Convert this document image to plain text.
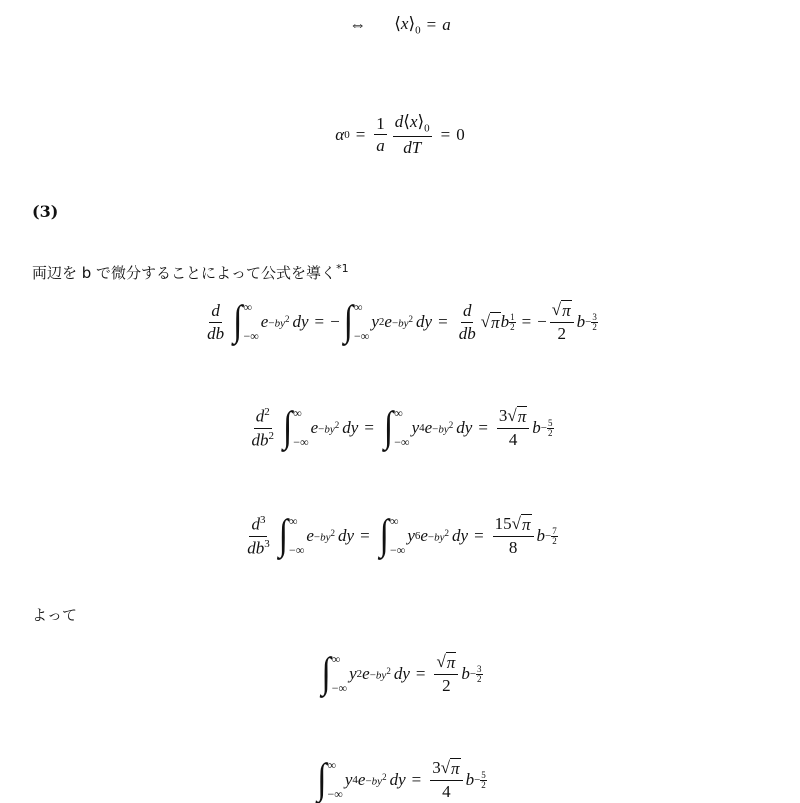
⇔ $⟨x⟩_0 = a$
α $0 = \frac{1}{a} \frac{d⟨x⟩_0}{dT} = 0$
(3)
両辺を b で微分することによって公式を導く$^{*1}$
$\frac{d}{db}$ ∫ ∞
−∞
$e -by^2$ dy = − ∫ ∞
−∞
y 2 $e -by^2$ dy = $\frac{d}{db}$ √ π b $\frac{1}{2}$ = − $\frac{√ \pi}{2}$ $b - \frac{3}{2}$
$\frac{d^2}{db^2}$ ∫ ∞
−∞
$e -by^2$ dy = ∫ ∞
−∞
y 4 $e -by^2$ dy = $\frac{3 √ \pi}{4}$ $b - \frac{5}{2}$
$\frac{d^3}{db^3}$ ∫ ∞
−∞
$e -by^2$ dy = ∫ ∞
−∞
y 6 $e -by^2$ dy = $\frac{15 √ \pi}{8}$ $b - \frac{7}{2}$
よって
∫ ∞
−∞
y 2 $e -by^2$ dy = $\frac{√ \pi}{2}$ $b - \frac{3}{2}$
∫ ∞
−∞
y 4 $e -by^2$ dy = $\frac{3 √ \pi}{4}$ $b - \frac{5}{2}$
